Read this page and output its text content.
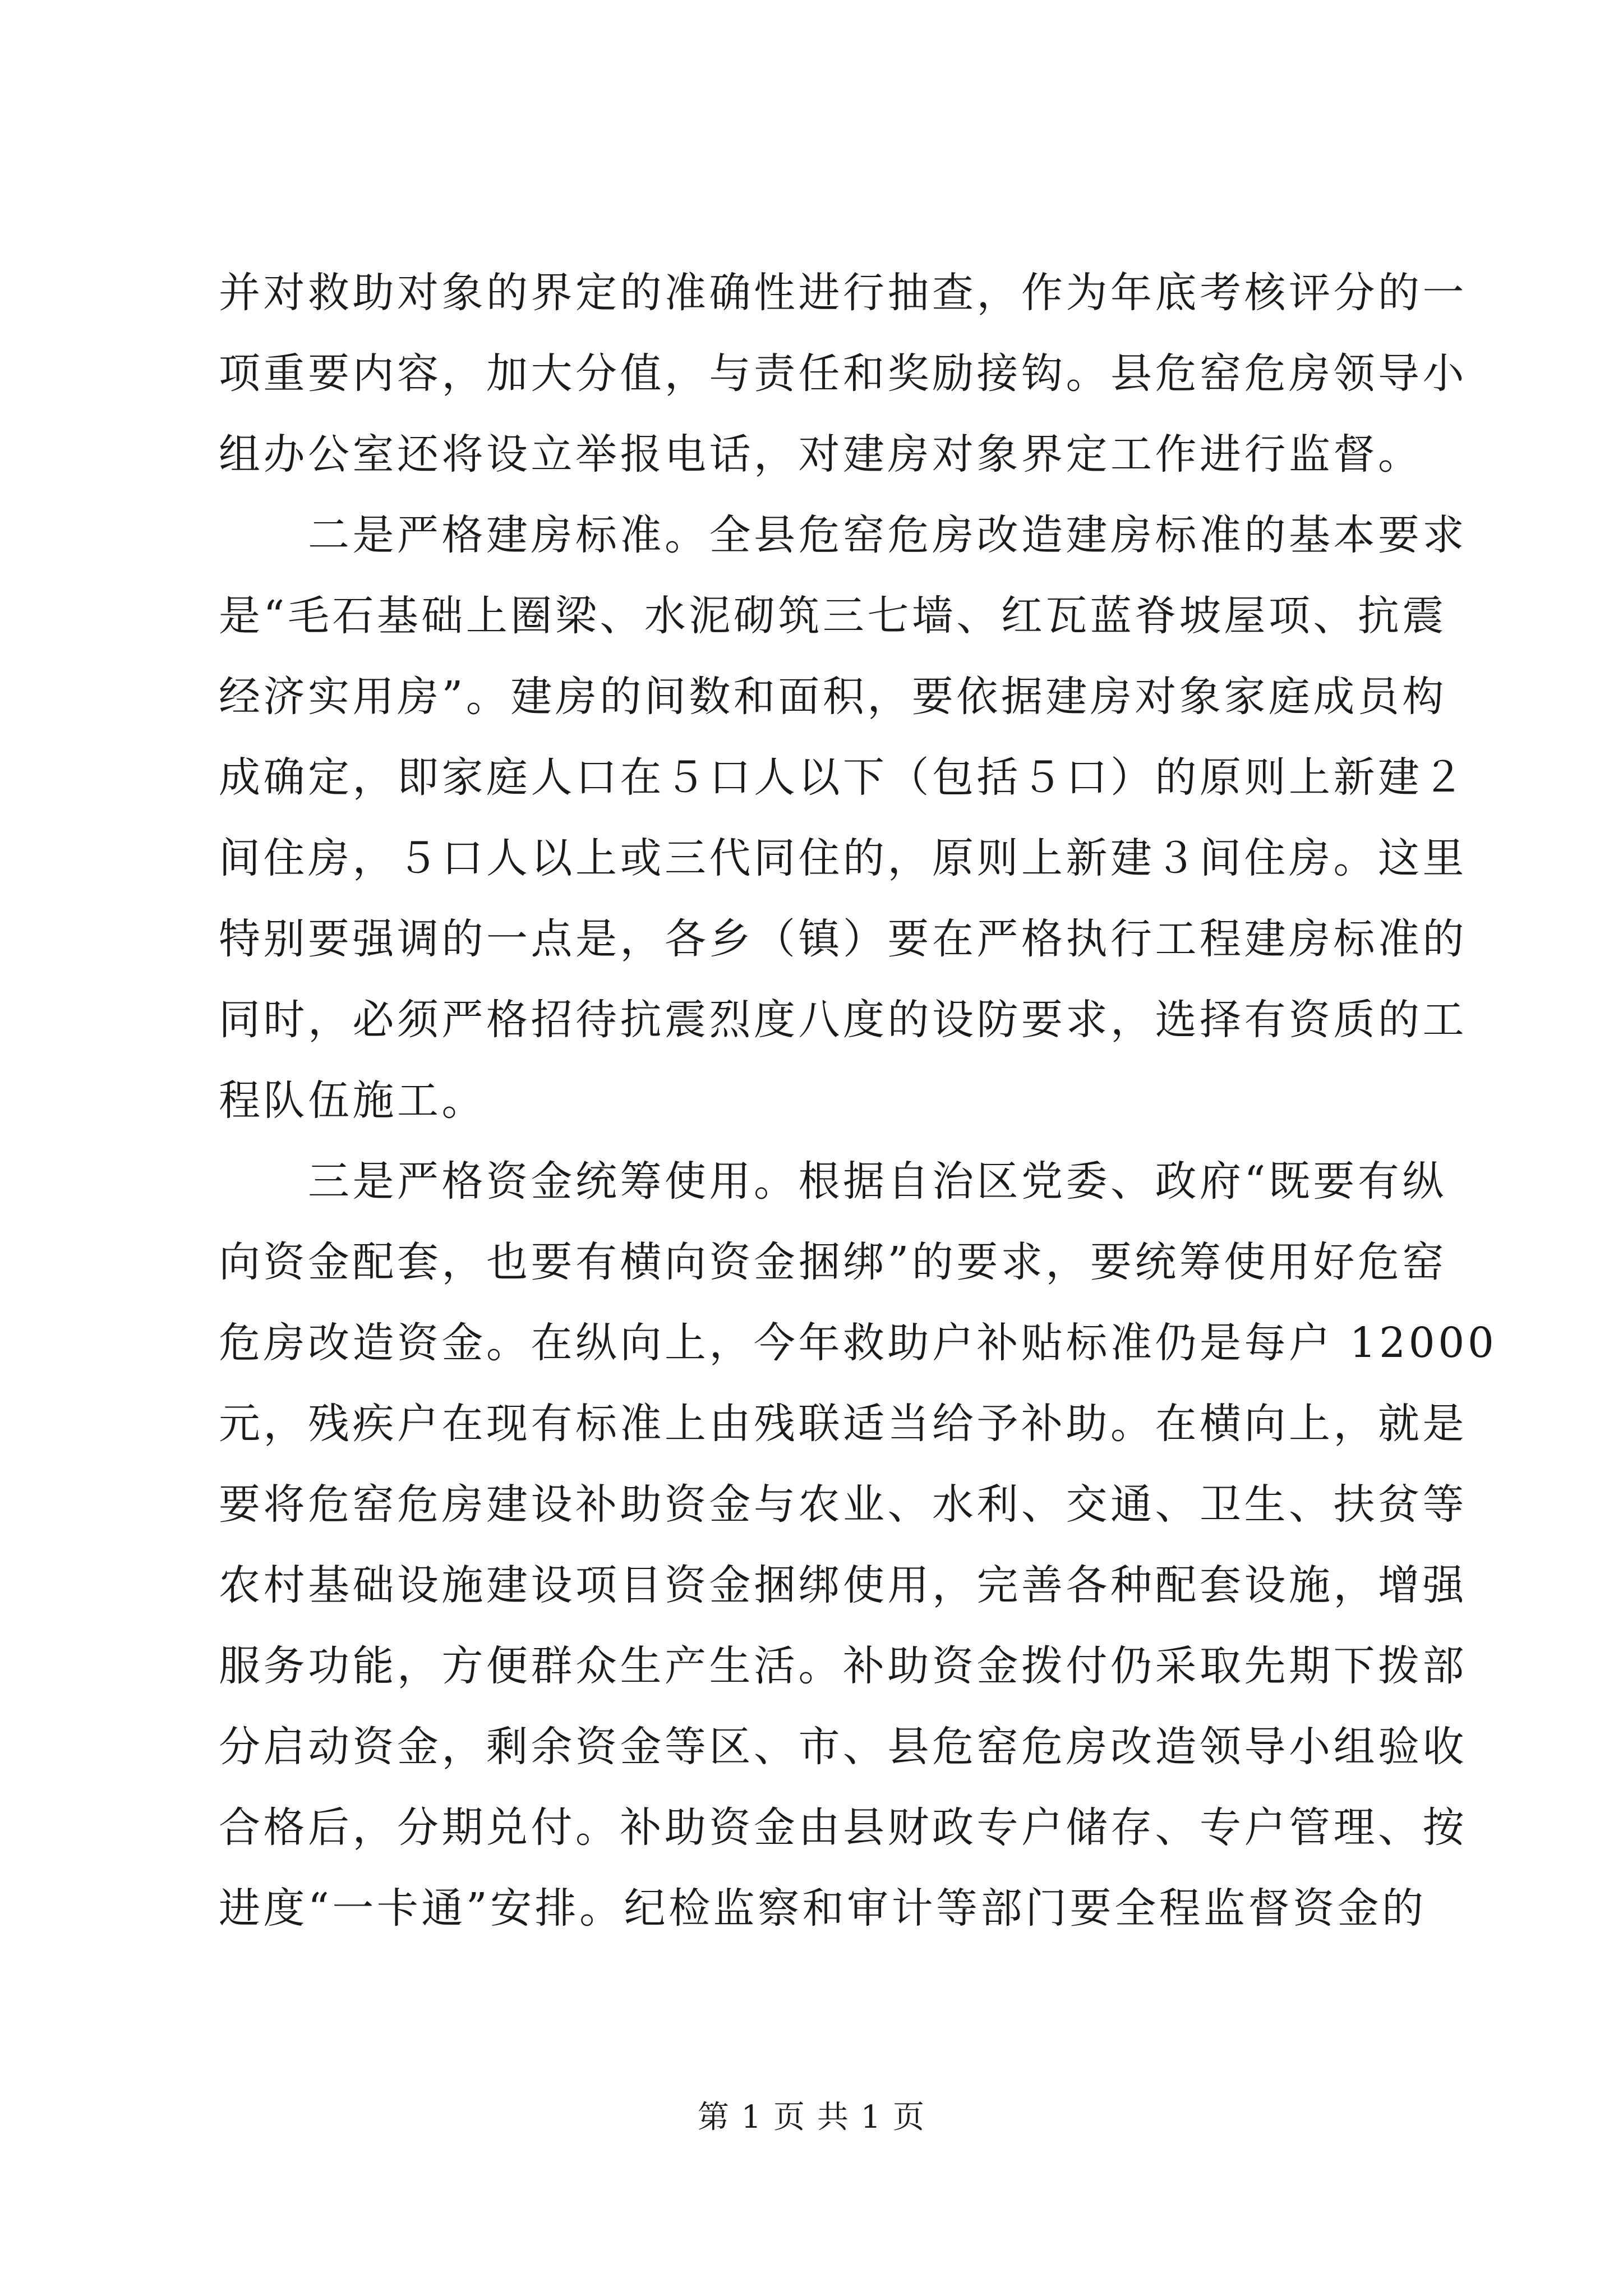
并对救助对象的界定的准确性进行抽查，作为年底考核评分的一
项重要内容，加大分值，与责任和奖励接钩。县危窑危房领导小
组办公室还将设立举报电话，对建房对象界定工作进行监督。
　　二是严格建房标准。全县危窑危房改造建房标准的基本要求
是“毛石基础上圈梁、水泥砌筑三七墙、红瓦蓝脊坡屋项、抗震
经济实用房”。建房的间数和面积，要依据建房对象家庭成员构
成确定，即家庭人口在５口人以下（包括５口）的原则上新建２
间住房，５口人以上或三代同住的，原则上新建３间住房。这里
特别要强调的一点是，各乡（镇）要在严格执行工程建房标准的
同时，必须严格招待抗震烈度八度的设防要求，选择有资质的工
程队伍施工。
　　三是严格资金统筹使用。根据自治区党委、政府“既要有纵
向资金配套，也要有横向资金捆绑”的要求，要统筹使用好危窑
危房改造资金。在纵向上，今年救助户补贴标准仍是每户 12000
元，残疾户在现有标准上由残联适当给予补助。在横向上，就是
要将危窑危房建设补助资金与农业、水利、交通、卫生、扶贫等
农村基础设施建设项目资金捆绑使用，完善各种配套设施，增强
服务功能，方便群众生产生活。补助资金拨付仍采取先期下拨部
分启动资金，剩余资金等区、市、县危窑危房改造领导小组验收
合格后，分期兑付。补助资金由县财政专户储存、专户管理、按
进度“一卡通”安排。纪检监察和审计等部门要全程监督资金的
第 1 页 共 1 页
